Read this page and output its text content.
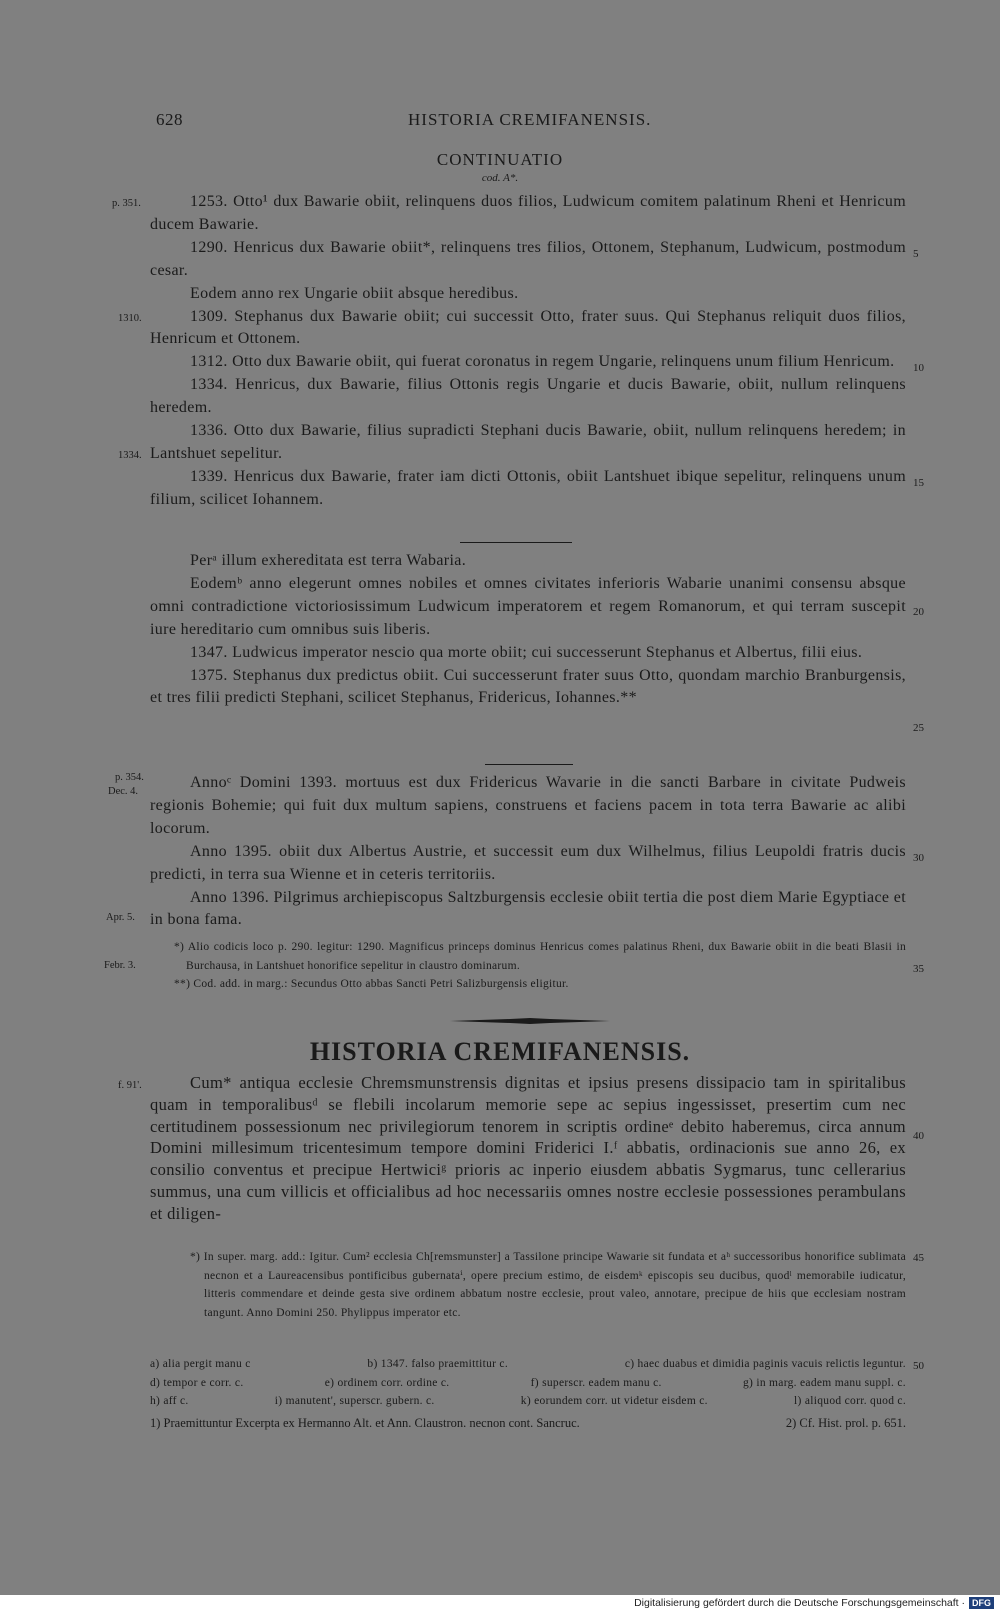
628	HISTORIA CREMIFANENSIS.
CONTINUATIO
cod. A*.

1253. Otto¹ dux Bawarie obiit, relinquens duos filios, Ludwicum comitem palatinum Rheni et Henricum ducem Bawarie.

1290. Henricus dux Bawarie obiit*, relinquens tres filios, Ottonem, Stephanum, Ludwicum, postmodum cesar.

Eodem anno rex Ungarie obiit absque heredibus.

1309. Stephanus dux Bawarie obiit; cui successit Otto, frater suus. Qui Stephanus reliquit duos filios, Henricum et Ottonem.

1312. Otto dux Bawarie obiit, qui fuerat coronatus in regem Ungarie, relinquens unum filium Henricum.

1334. Henricus, dux Bawarie, filius Ottonis regis Ungarie et ducis Bawarie, obiit, nullum relinquens heredem.

1336. Otto dux Bawarie, filius supradicti Stephani ducis Bawarie, obiit, nullum relinquens heredem; in Lantshuet sepelitur.

1339. Henricus dux Bawarie, frater iam dicti Ottonis, obiit Lantshuet ibique sepelitur, relinquens unum filium, scilicet Iohannem.

Perᵃ illum exhereditata est terra Wabaria.

Eodemᵇ anno elegerunt omnes nobiles et omnes civitates inferioris Wabarie unanimi consensu absque omni contradictione victoriosissimum Ludwicum imperatorem et regem Romanorum, et qui terram suscepit iure hereditario cum omnibus suis liberis.

1347. Ludwicus imperator nescio qua morte obiit; cui successerunt Stephanus et Albertus, filii eius.

1375. Stephanus dux predictus obiit. Cui successerunt frater suus Otto, quondam marchio Branburgensis, et tres filii predicti Stephani, scilicet Stephanus, Fridericus, Iohannes.**

Annoᶜ Domini 1393. mortuus est dux Fridericus Wavarie in die sancti Barbare in civitate Pudweis regionis Bohemie; qui fuit dux multum sapiens, construens et faciens pacem in tota terra Bawarie ac alibi locorum.

Anno 1395. obiit dux Albertus Austrie, et successit eum dux Wilhelmus, filius Leupoldi fratris ducis predicti, in terra sua Wienne et in ceteris territoriis.

Anno 1396. Pilgrimus archiepiscopus Saltzburgensis ecclesie obiit tertia die post diem Marie Egyptiace et in bona fama.

*) Alio codicis loco p. 290. legitur: 1290. Magnificus princeps dominus Henricus comes palatinus Rheni, dux Bawarie obiit in die beati Blasii in Burchausa, in Lantshuet honorifice sepelitur in claustro dominarum.

**) Cod. add. in marg.: Secundus Otto abbas Sancti Petri Salizburgensis eligitur.

HISTORIA CREMIFANENSIS.

Cum* antiqua ecclesie Chremsmunstrensis dignitas et ipsius presens dissipacio tam in spiritalibus quam in temporalibusᵈ se flebili incolarum memorie sepe ac sepius ingessisset, presertim cum nec certitudinem possessionum nec privilegiorum tenorem in scriptis ordineᵉ debito haberemus, circa annum Domini millesimum tricentesimum tempore domini Friderici I.ᶠ abbatis, ordinacionis sue anno 26, ex consilio conventus et precipue Hertwiciᵍ prioris ac inperio eiusdem abbatis Sygmarus, tunc cellerarius summus, una cum villicis et officialibus ad hoc necessariis omnes nostre ecclesie possessiones perambulans et diligen-

*) In super. marg. add.: Igitur. Cum² ecclesia Ch[remsmunster] a Tassilone principe Wawarie sit fundata et aʰ successoribus honorifice sublimata necnon et a Laureacensibus pontificibus gubernataⁱ, opere precium estimo, de eisdemᵏ episcopis seu ducibus, quodˡ memorabile iudicatur, litteris commendare et deinde gesta sive ordinem abbatum nostre ecclesie, prout valeo, annotare, precipue de hiis que ecclesiam nostram tangunt. Anno Domini 250. Phylippus imperator etc.

a) alia pergit manu c	b) 1347. falso praemittitur c.	c) haec duabus et dimidia paginis vacuis relictis leguntur.
d) tempor e corr. c.	e) ordinem corr. ordine c.	f) superscr. eadem manu c.	g) in marg. eadem manu suppl. c.
h) aff c.	i) manutent', superscr. gubern. c.	k) eorundem corr. ut videtur eisdem c.	l) aliquod corr. quod c.
1) Praemittuntur Excerpta ex Hermanno Alt. et Ann. Claustron. necnon cont. Sancruc.	2) Cf. Hist. prol. p. 651.
p. 351.
1310.
1334.
p. 354.
Dec. 4.
Apr. 5.
Febr. 3.
f. 91'.
5
10
15
20
25
30
35
40
45
50
Digitalisierung gefördert durch die Deutsche Forschungsgemeinschaft · DFG
